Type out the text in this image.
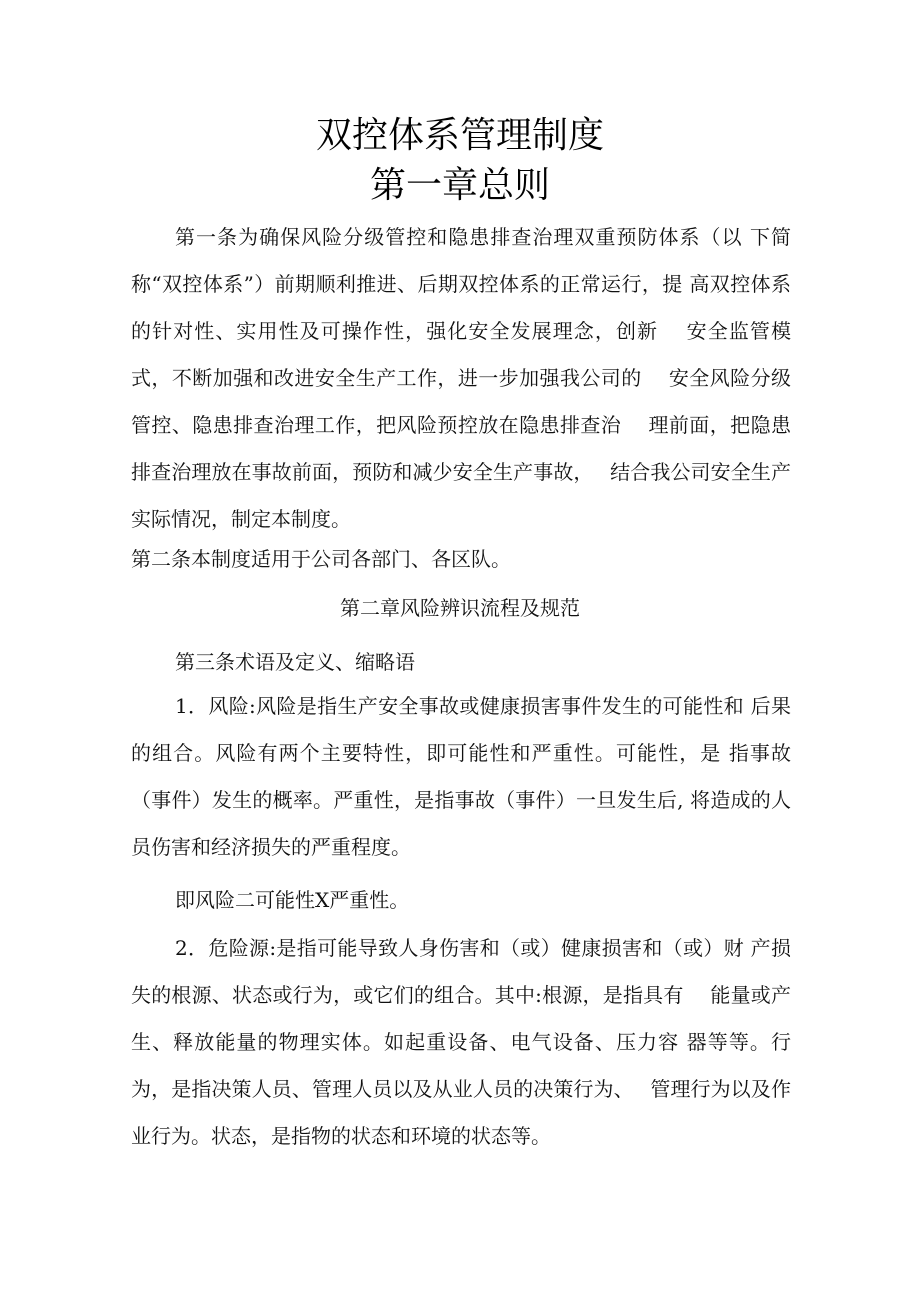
双控体系管理制度
第一章总则

第一条为确保风险分级管控和隐患排查治理双重预防体系（以 下简称“双控体系”）前期顺利推进、后期双控体系的正常运行，提 高双控体系的针对性、实用性及可操作性，强化安全发展理念，创新　 安全监管模式，不断加强和改进安全生产工作，进一步加强我公司的　 安全风险分级管控、隐患排查治理工作，把风险预控放在隐患排查治　 理前面，把隐患排查治理放在事故前面，预防和减少安全生产事故，　 结合我公司安全生产实际情况，制定本制度。

第二条本制度适用于公司各部门、各区队。

第二章风险辨识流程及规范

第三条术语及定义、缩略语

1．风险:风险是指生产安全事故或健康损害事件发生的可能性和 后果的组合。风险有两个主要特性，即可能性和严重性。可能性，是 指事故（事件）发生的概率。严重性，是指事故（事件）一旦发生后, 将造成的人员伤害和经济损失的严重程度。

即风险二可能性X严重性。

2．危险源:是指可能导致人身伤害和（或）健康损害和（或）财 产损失的根源、状态或行为，或它们的组合。其中:根源，是指具有　 能量或产生、释放能量的物理实体。如起重设备、电气设备、压力容 器等等。行为，是指决策人员、管理人员以及从业人员的决策行为、　 管理行为以及作业行为。状态，是指物的状态和环境的状态等。
